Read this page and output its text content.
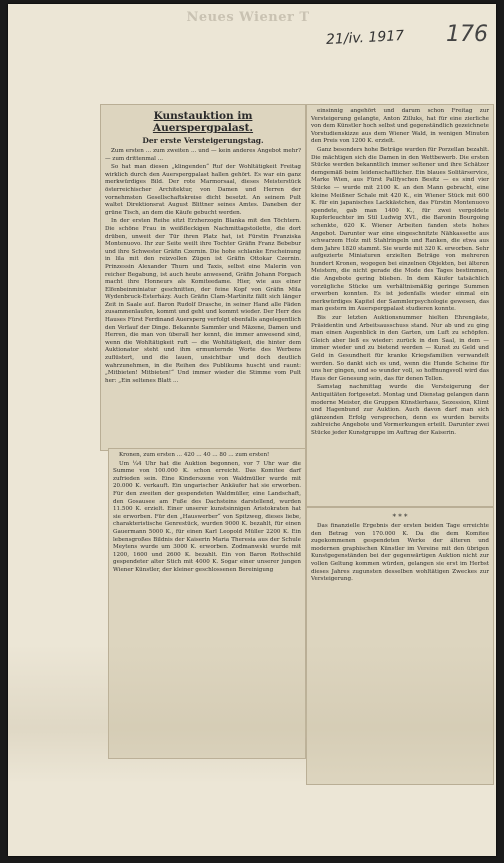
Neues Wiener T
21/iv. 1917 176
Kunstauktion im Auerspergpalast.
Der erste Versteigerungstag.

Zum ersten ... zum zweiten ... und — kein anderes Angebot mehr? — zum drittenmal ...

So hat man diesen „klingenden“ Ruf der Wohltätigkeit Freitag wirklich durch den Auerspergpalast hallen gehört. Es war ein ganz merkwürdiges Bild. Der rote Marmorsaal, dieses Meisterstück österreichischer Architektur, von Damen und Herren der vornehmsten Gesellschaftskreise dicht besetzt. An seinem Pult waltet Direktionsrat August Blittner seines Amtes. Daneben der grüne Tisch, an dem die Käufe gebucht werden.

In der ersten Reihe sitzt Erzherzogin Blanka mit den Töchtern. Die schöne Frau in weißfleckigen Nachmittagstoilette, die dort drüben, unweit der Tür ihren Platz hat, ist Fürstin Franziska Montenuovo. Ihr zur Seite weilt ihre Tochter Gräfin Franz Bebebur und ihre Schwester Gräfin Czernin. Die hohe schlanke Erscheinung in lila mit den reizvollen Zügen ist Gräfin Ottokar Czernin. Prinzessin Alexander Thurn und Taxis, selbst eine Malerin von reicher Begabung, ist auch heute anwesend, Gräfin Johann Forgach macht ihre Honneurs als Komiteedame. Hier, wie aus einer Elfenbeinminiatur geschnitten, der feine Kopf von Gräfin Mila Wydenbruck-Esterházy. Auch Gräfin Clam-Martinitz fällt sich länger Zeit in Saale auf. Baron Rudolf Drasche, in seiner Hand alle Fäden zusammenlaufen, kommt und geht und kommt wieder. Der Herr des Hauses Fürst Ferdinand Auersperg verfolgt ebenfalls angelegentlich den Verlauf der Dinge. Bekannte Sammler und Mäzene, Damen und Herren, die man von überall her kennt, die immer anwesend sind, wenn die Wohltätigkeit ruft — die Wohltätigkeit, die hinter dem Auktionator steht und ihm ermunternde Worte des Werbens zuflüstert, und die lauen, unsichtbar und doch deutlich wahrzunehmen, in die Reihen des Publikums huscht und raunt: „Mitbieten! Mitbieten!“ Und immer wieder die Stimme vom Pult her: „Ein seltenes Blatt ...

einsinnig angehört und darum schon Freitag zur Versteigerung gelangte, Anton Zilluks, hat für eine zierliche von dem Künstler hoch selbst und gegenständlich gezeichnete Vorstudienskizze aus dem Wiener Wald, in wenigen Minuten den Preis von 1200 K. erzielt.

Ganz besonders hohe Beträge wurden für Porzellan bezahlt. Die mächtigen sich die Damen in den Wettbewerb. Die ersten Stücke werden bekanntlich immer seltener und ihre Schätzer demgemäß beim leidenschaftlicher. Ein blaues Solitärservice, Marke Wien, aus Fürst Pallfyschen Besitz — es sind vier Stücke — wurde mit 2100 K. an den Mann gebracht, eine kleine Meißner Schale mit 420 K., ein Wiener Stück mit 600 K. für ein japanisches Lackkästchen, das Fürstin Montenuovo spendete, gab man 1400 K., für zwei vergoldete Kupferleuchter im Stil Ludwig XVI., die Baronin Bourgoing schenkte, 620 K. Wiener Arbeiten fanden stets hohes Angebot. Darunter war eine eingeschnitzte Nähkassette aus schwarzem Holz mit Stahlringeln und Ranken, die etwa aus dem Jahre 1820 stammt. Sie wurde mit 320 K. erworben. Sehr aufgezierte Miniaturen erzielten Beträge von mehreren hundert Kronen, wogegen bei einzelnen Objekten, bei älteren Meistern, die nicht gerade die Mode des Tages bestimmen, die Angebote gering blieben. In dem Käufer tatsächlich vorzügliche Stücke um verhältnismäßig geringe Summen erwerben konnten. Es ist jedenfalls wieder einmal ein merkwürdiges Kapitel der Sammlerpsychologie gewesen, das man gestern im Auerspergpalast studieren konnte.

Bis zur letzten Auktionsnummer hielten Ehrengäste, Präsidentin und Arbeitsausschuss stand. Nur ab und zu ging man einen Augenblick in den Garten, um Luft zu schöpfen. Gleich aber ließ es wieder: zurück in den Saal, in dem — immer wieder und zu bietend werden — Kunst zu Geld und Geld in Gesundheit für kranke Kriegsfamilien verwandelt werden. So dankt sich es und, wenn die Hunde Scheine für uns her gingen, und so wunder voll, so hoffnungsvoll wird das Haus der Genesung sein, das für denen Tellen.

Samstag nachmittag wurde die Versteigerung der Antiquitäten fortgesetzt. Montag und Dienstag gelangen dann moderne Meister, die Gruppen Künstlerhaus, Sezession, Klimt und Hagenbund zur Auktion. Auch davon darf man sich glänzenden Erfolg versprechen, denn es wurden bereits zahlreiche Angebote und Vormerkungen erteilt. Darunter zwei Stücke jeder Kunstgruppe im Auftrag der Kaiserin.

Kronen, zum ersten ... 420 ... 40 ... 80 ... zum ersten!

Um ¼4 Uhr hat die Auktion begonnen, vor 7 Uhr war die Summe von 100.000 K. schon erreicht. Das Komitee darf zufrieden sein. Eine Kinderszene von Waldmüller wurde mit 20.000 K. verkauft. Ein ungarischer Ankäufer hat sie erworben. Für den zweiten der gespendeten Waldmüller, eine Landschaft, den Gosausee am Fuße des Dachsteins darstellend, wurden 11.500 K. erzielt. Einer unserer kunstsinnigen Aristokraten hat sie erworben. Für den „Hauswerber“ von Spitzweg, dieses liebe, charakteristische Genrestück, wurden 9000 K. bezahlt, für einen Gauermann 5000 K., für einen Karl Leopold Müller 2200 K. Ein lebensgroßes Bildnis der Kaiserin Maria Theresia aus der Schule Meytens wurde um 3000 K. erworben. Zodmanwski wurde mit 1200, 1600 und 2600 K. bezahlt. Ein von Baron Rothschild gespendeter alter Stich mit 4000 K. Sogar einer unserer jungen Wiener Künstler, der kleiner geschlossenen Bereinigung

* * *

Das finanzielle Ergebnis der ersten beiden Tage erreichte den Betrag von 170.000 K. Da die dem Komitee zugekommenen gespendeten Werke der älteren und modernen graphischen Künstler im Vereine mit den übrigen Kunstgegenständen bei der gegenwärtigen Auktion nicht zur vollen Geltung kommen würden, gelangen sie erst im Herbst dieses Jahres zugunsten desselben wohltätigen Zweckes zur Versteigerung.
